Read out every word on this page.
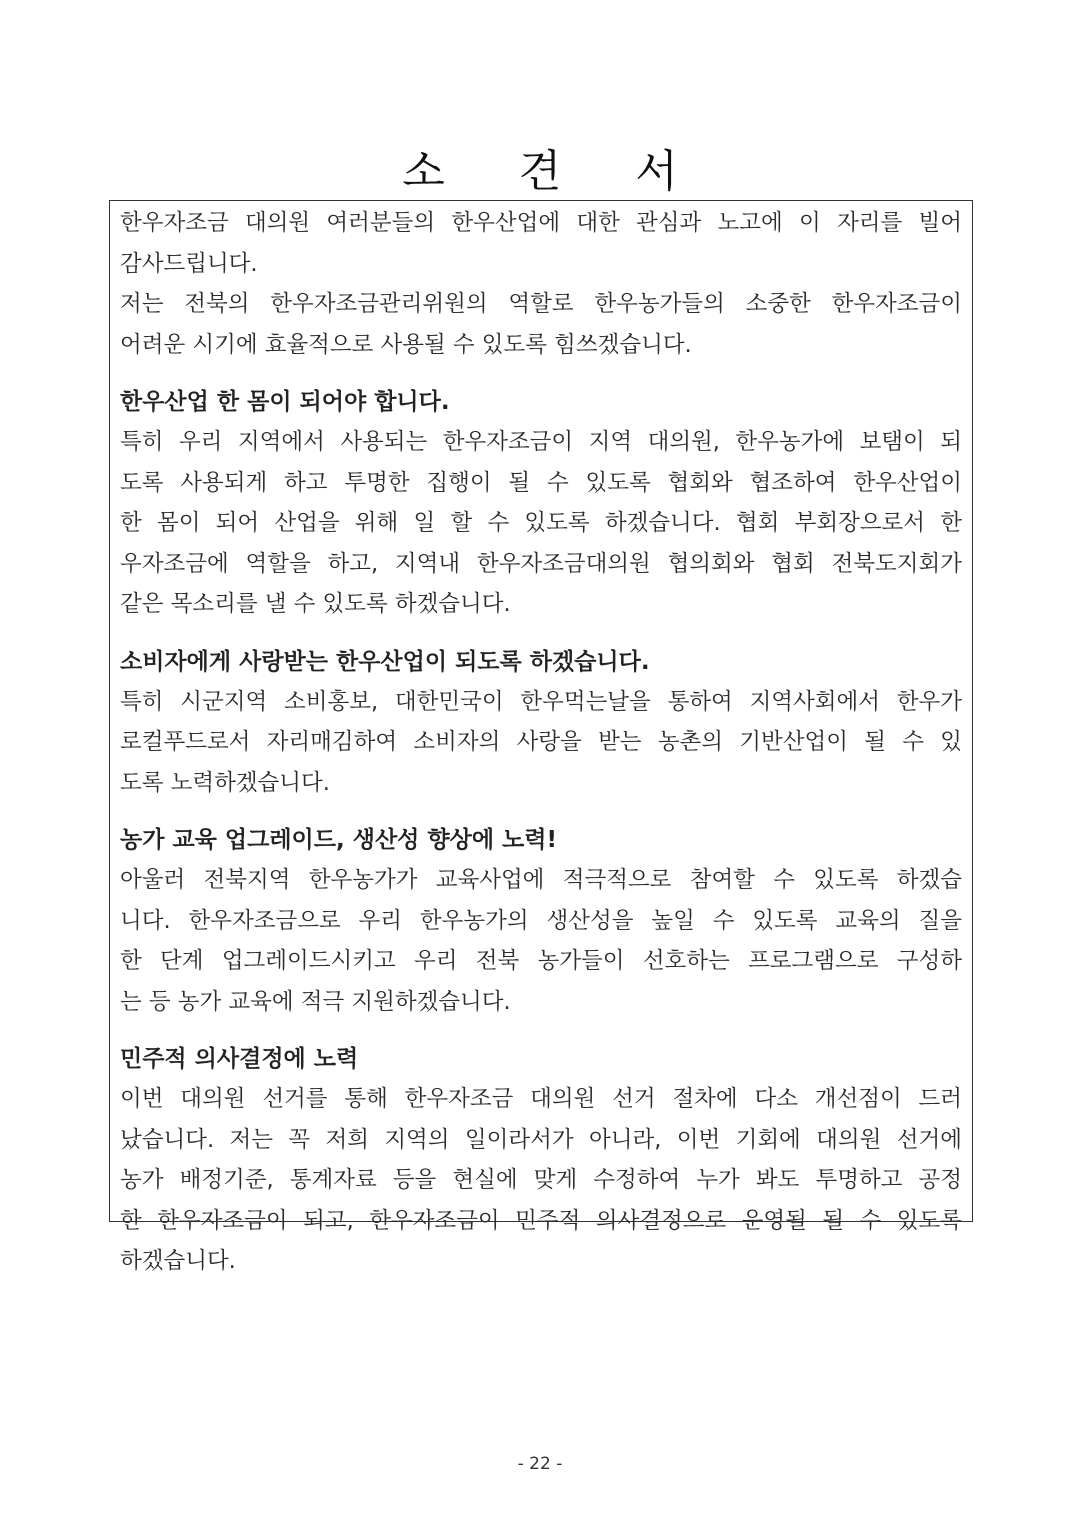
소 견 서
한우자조금 대의원 여러분들의 한우산업에 대한 관심과 노고에 이 자리를 빌어
감사드립니다.
저는 전북의 한우자조금관리위원의 역할로 한우농가들의 소중한 한우자조금이
어려운 시기에 효율적으로 사용될 수 있도록 힘쓰겠습니다.
한우산업 한 몸이 되어야 합니다.
특히 우리 지역에서 사용되는 한우자조금이 지역 대의원, 한우농가에 보탬이 되
도록 사용되게 하고 투명한 집행이 될 수 있도록 협회와 협조하여 한우산업이
한 몸이 되어 산업을 위해 일 할 수 있도록 하겠습니다. 협회 부회장으로서 한
우자조금에 역할을 하고, 지역내 한우자조금대의원 협의회와 협회 전북도지회가
같은 목소리를 낼 수 있도록 하겠습니다.
소비자에게 사랑받는 한우산업이 되도록 하겠습니다.
특히 시군지역 소비홍보, 대한민국이 한우먹는날을 통하여 지역사회에서 한우가
로컬푸드로서 자리매김하여 소비자의 사랑을 받는 농촌의 기반산업이 될 수 있
도록 노력하겠습니다.
농가 교육 업그레이드, 생산성 향상에 노력!
아울러 전북지역 한우농가가 교육사업에 적극적으로 참여할 수 있도록 하겠습
니다. 한우자조금으로 우리 한우농가의 생산성을 높일 수 있도록 교육의 질을
한 단계 업그레이드시키고 우리 전북 농가들이 선호하는 프로그램으로 구성하
는 등 농가 교육에 적극 지원하겠습니다.
민주적 의사결정에 노력
이번 대의원 선거를 통해 한우자조금 대의원 선거 절차에 다소 개선점이 드러
났습니다. 저는 꼭 저희 지역의 일이라서가 아니라, 이번 기회에 대의원 선거에
농가 배정기준, 통계자료 등을 현실에 맞게 수정하여 누가 봐도 투명하고 공정
한 한우자조금이 되고, 한우자조금이 민주적 의사결정으로 운영될 될 수 있도록
하겠습니다.
- 22 -
